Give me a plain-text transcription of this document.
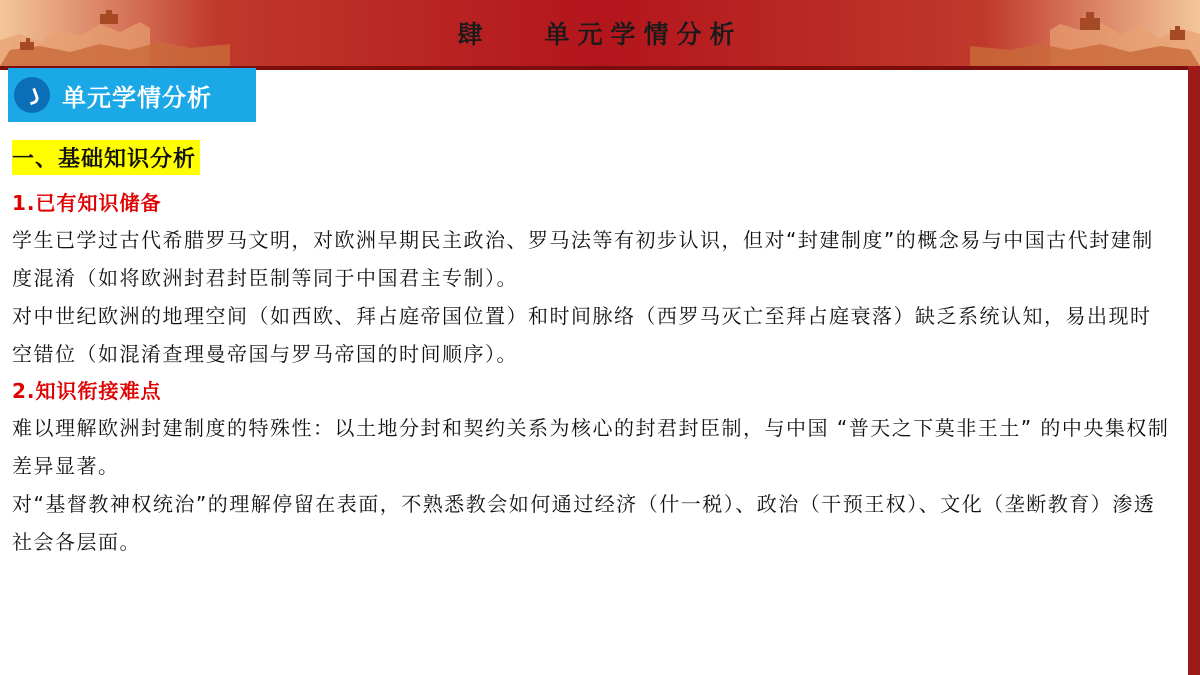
肆 单元学情分析
单元学情分析
一、基础知识分析
1.已有知识储备

学生已学过古代希腊罗马文明，对欧洲早期民主政治、罗马法等有初步认识，但对“封建制度”的概念易与中国古代封建制度混淆（如将欧洲封君封臣制等同于中国君主专制）。

对中世纪欧洲的地理空间（如西欧、拜占庭帝国位置）和时间脉络（西罗马灭亡至拜占庭衰落）缺乏系统认知，易出现时空错位（如混淆查理曼帝国与罗马帝国的时间顺序）。

2.知识衔接难点

难以理解欧洲封建制度的特殊性：以土地分封和契约关系为核心的封君封臣制，与中国 “普天之下莫非王土” 的中央集权制差异显著。

对“基督教神权统治”的理解停留在表面，不熟悉教会如何通过经济（什一税）、政治（干预王权）、文化（垄断教育）渗透社会各层面。
